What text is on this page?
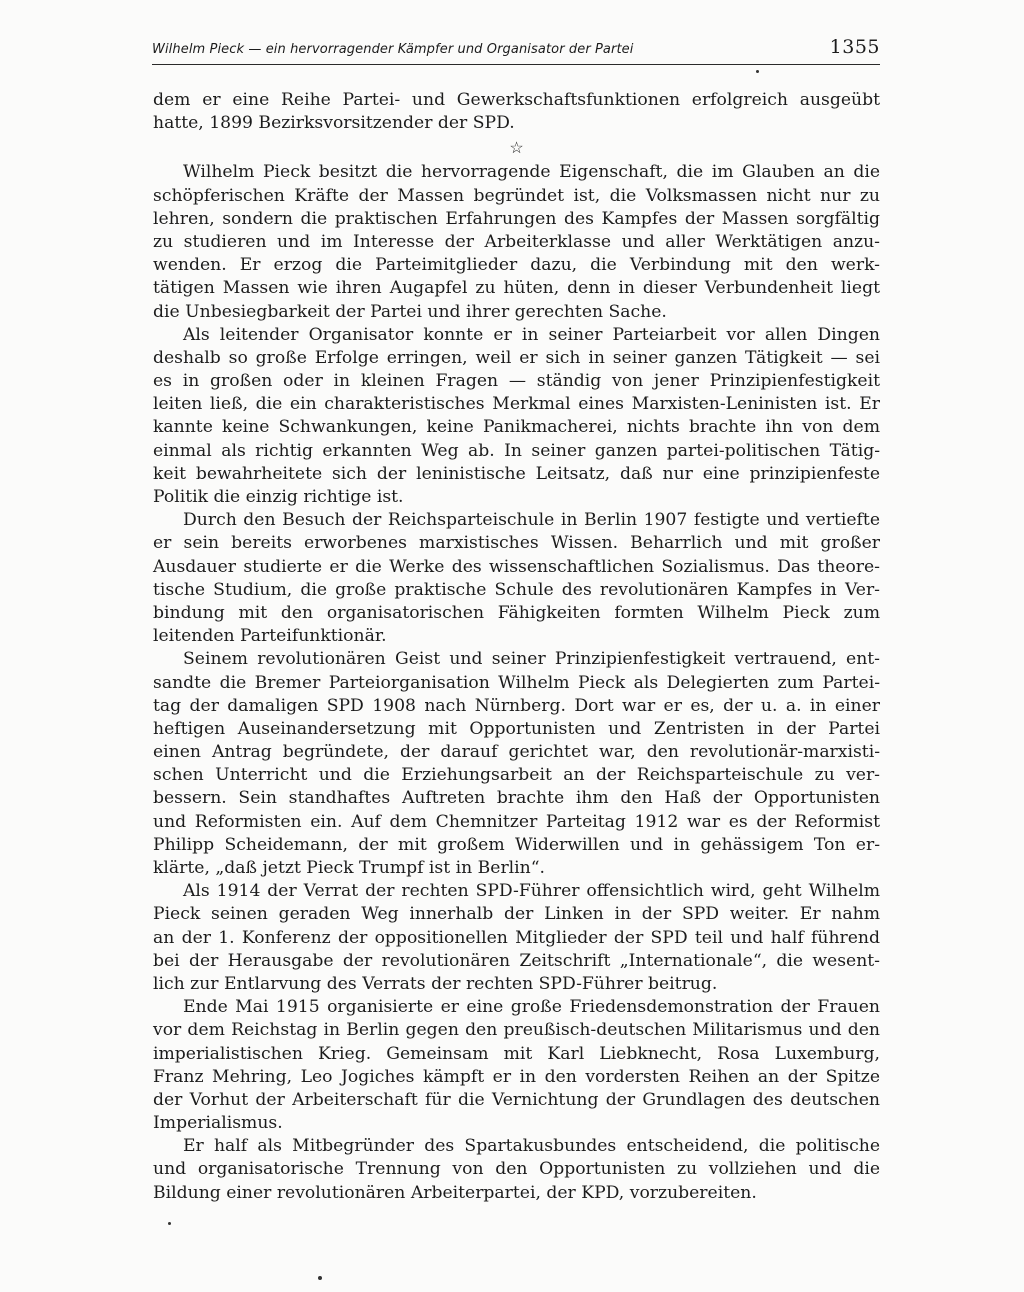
Wilhelm Pieck — ein hervorragender Kämpfer und Organisator der Partei	1355
dem er eine Reihe Partei- und Gewerkschaftsfunktionen erfolgreich ausgeübt
hatte, 1899 Bezirksvorsitzender der SPD.
☆
Wilhelm Pieck besitzt die hervorragende Eigenschaft, die im Glauben an die
schöpferischen Kräfte der Massen begründet ist, die Volksmassen nicht nur zu
lehren, sondern die praktischen Erfahrungen des Kampfes der Massen sorgfältig
zu studieren und im Interesse der Arbeiterklasse und aller Werktätigen anzu-
wenden. Er erzog die Parteimitglieder dazu, die Verbindung mit den werk-
tätigen Massen wie ihren Augapfel zu hüten, denn in dieser Verbundenheit liegt
die Unbesiegbarkeit der Partei und ihrer gerechten Sache.
Als leitender Organisator konnte er in seiner Parteiarbeit vor allen Dingen
deshalb so große Erfolge erringen, weil er sich in seiner ganzen Tätigkeit — sei
es in großen oder in kleinen Fragen — ständig von jener Prinzipienfestigkeit
leiten ließ, die ein charakteristisches Merkmal eines Marxisten-Leninisten ist. Er
kannte keine Schwankungen, keine Panikmacherei, nichts brachte ihn von dem
einmal als richtig erkannten Weg ab. In seiner ganzen partei-politischen Tätig-
keit bewahrheitete sich der leninistische Leitsatz, daß nur eine prinzipienfeste
Politik die einzig richtige ist.
Durch den Besuch der Reichsparteischule in Berlin 1907 festigte und vertiefte
er sein bereits erworbenes marxistisches Wissen. Beharrlich und mit großer
Ausdauer studierte er die Werke des wissenschaftlichen Sozialismus. Das theore-
tische Studium, die große praktische Schule des revolutionären Kampfes in Ver-
bindung mit den organisatorischen Fähigkeiten formten Wilhelm Pieck zum
leitenden Parteifunktionär.
Seinem revolutionären Geist und seiner Prinzipienfestigkeit vertrauend, ent-
sandte die Bremer Parteiorganisation Wilhelm Pieck als Delegierten zum Partei-
tag der damaligen SPD 1908 nach Nürnberg. Dort war er es, der u. a. in einer
heftigen Auseinandersetzung mit Opportunisten und Zentristen in der Partei
einen Antrag begründete, der darauf gerichtet war, den revolutionär-marxisti-
schen Unterricht und die Erziehungsarbeit an der Reichsparteischule zu ver-
bessern. Sein standhaftes Auftreten brachte ihm den Haß der Opportunisten
und Reformisten ein. Auf dem Chemnitzer Parteitag 1912 war es der Reformist
Philipp Scheidemann, der mit großem Widerwillen und in gehässigem Ton er-
klärte, „daß jetzt Pieck Trumpf ist in Berlin“.
Als 1914 der Verrat der rechten SPD-Führer offensichtlich wird, geht Wilhelm
Pieck seinen geraden Weg innerhalb der Linken in der SPD weiter. Er nahm
an der 1. Konferenz der oppositionellen Mitglieder der SPD teil und half führend
bei der Herausgabe der revolutionären Zeitschrift „Internationale“, die wesent-
lich zur Entlarvung des Verrats der rechten SPD-Führer beitrug.
Ende Mai 1915 organisierte er eine große Friedensdemonstration der Frauen
vor dem Reichstag in Berlin gegen den preußisch-deutschen Militarismus und den
imperialistischen Krieg. Gemeinsam mit Karl Liebknecht, Rosa Luxemburg,
Franz Mehring, Leo Jogiches kämpft er in den vordersten Reihen an der Spitze
der Vorhut der Arbeiterschaft für die Vernichtung der Grundlagen des deutschen
Imperialismus.
Er half als Mitbegründer des Spartakusbundes entscheidend, die politische
und organisatorische Trennung von den Opportunisten zu vollziehen und die
Bildung einer revolutionären Arbeiterpartei, der KPD, vorzubereiten.
